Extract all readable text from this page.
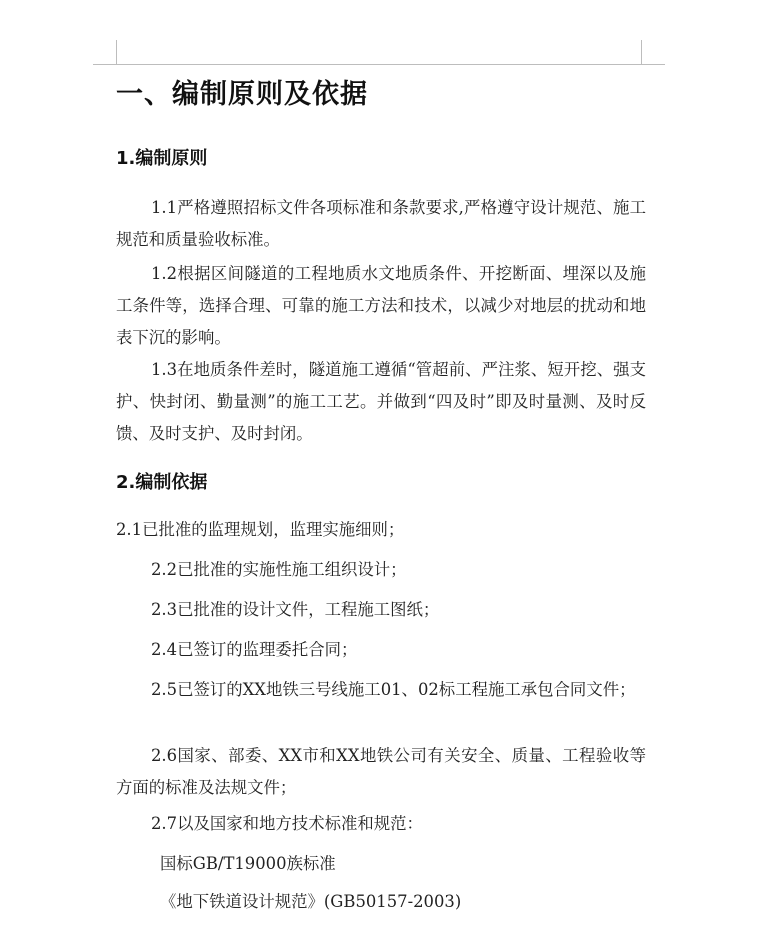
一、编制原则及依据
1.编制原则
1.1严格遵照招标文件各项标准和条款要求,严格遵守设计规范、施工规范和质量验收标准。
1.2根据区间隧道的工程地质水文地质条件、开挖断面、埋深以及施工条件等，选择合理、可靠的施工方法和技术，以减少对地层的扰动和地表下沉的影响。
1.3在地质条件差时，隧道施工遵循“管超前、严注浆、短开挖、强支护、快封闭、勤量测”的施工工艺。并做到“四及时”即及时量测、及时反馈、及时支护、及时封闭。
2.编制依据
2.1已批准的监理规划，监理实施细则；
2.2已批准的实施性施工组织设计；
2.3已批准的设计文件，工程施工图纸；
2.4已签订的监理委托合同；
2.5已签订的XX地铁三号线施工01、02标工程施工承包合同文件；
2.6国家、部委、XX市和XX地铁公司有关安全、质量、工程验收等方面的标准及法规文件；
2.7以及国家和地方技术标准和规范：
国标GB/T19000族标准
《地下铁道设计规范》(GB50157-2003)
